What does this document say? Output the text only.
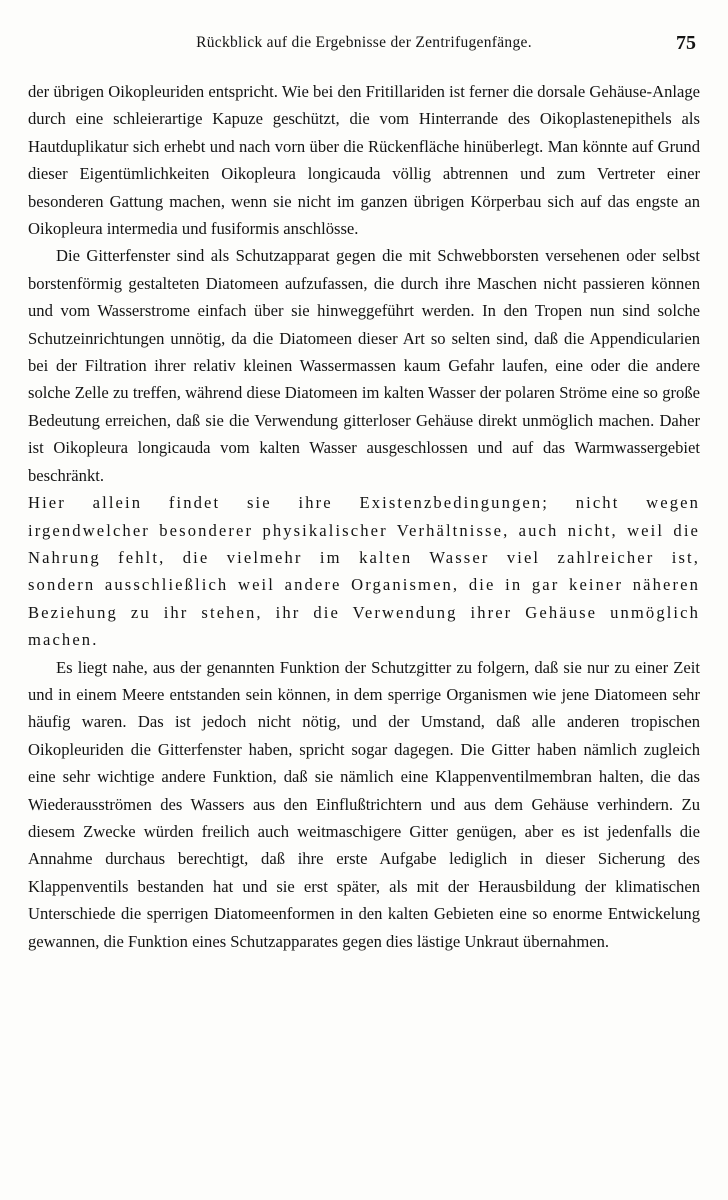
Rückblick auf die Ergebnisse der Zentrifugenfänge.	75

der übrigen Oikopleuriden entspricht. Wie bei den Fritillariden ist ferner die dorsale Gehäuse-Anlage durch eine schleierartige Kapuze geschützt, die vom Hinterrande des Oikoplastenepithels als Hautduplikatur sich erhebt und nach vorn über die Rückenfläche hinüberlegt. Man könnte auf Grund dieser Eigentümlichkeiten Oikopleura longicauda völlig abtrennen und zum Vertreter einer besonderen Gattung machen, wenn sie nicht im ganzen übrigen Körperbau sich auf das engste an Oikopleura intermedia und fusiformis anschlösse.

Die Gitterfenster sind als Schutzapparat gegen die mit Schwebborsten versehenen oder selbst borstenförmig gestalteten Diatomeen aufzufassen, die durch ihre Maschen nicht passieren können und vom Wasserstrome einfach über sie hinweggeführt werden. In den Tropen nun sind solche Schutzeinrichtungen unnötig, da die Diatomeen dieser Art so selten sind, daß die Appendicularien bei der Filtration ihrer relativ kleinen Wassermassen kaum Gefahr laufen, eine oder die andere solche Zelle zu treffen, während diese Diatomeen im kalten Wasser der polaren Ströme eine so große Bedeutung erreichen, daß sie die Verwendung gitterloser Gehäuse direkt unmöglich machen. Daher ist Oikopleura longicauda vom kalten Wasser ausgeschlossen und auf das Warmwassergebiet beschränkt.

Hier allein findet sie ihre Existenzbedingungen; nicht wegen irgendwelcher besonderer physikalischer Verhältnisse, auch nicht, weil die Nahrung fehlt, die vielmehr im kalten Wasser viel zahlreicher ist, sondern ausschließlich weil andere Organismen, die in gar keiner näheren Beziehung zu ihr stehen, ihr die Verwendung ihrer Gehäuse unmöglich machen.

Es liegt nahe, aus der genannten Funktion der Schutzgitter zu folgern, daß sie nur zu einer Zeit und in einem Meere entstanden sein können, in dem sperrige Organismen wie jene Diatomeen sehr häufig waren. Das ist jedoch nicht nötig, und der Umstand, daß alle anderen tropischen Oikopleuriden die Gitterfenster haben, spricht sogar dagegen. Die Gitter haben nämlich zugleich eine sehr wichtige andere Funktion, daß sie nämlich eine Klappenventilmembran halten, die das Wiederausströmen des Wassers aus den Einflußtrichtern und aus dem Gehäuse verhindern. Zu diesem Zwecke würden freilich auch weitmaschigere Gitter genügen, aber es ist jedenfalls die Annahme durchaus berechtigt, daß ihre erste Aufgabe lediglich in dieser Sicherung des Klappenventils bestanden hat und sie erst später, als mit der Herausbildung der klimatischen Unterschiede die sperrigen Diatomeenformen in den kalten Gebieten eine so enorme Entwickelung gewannen, die Funktion eines Schutzapparates gegen dies lästige Unkraut übernahmen.
